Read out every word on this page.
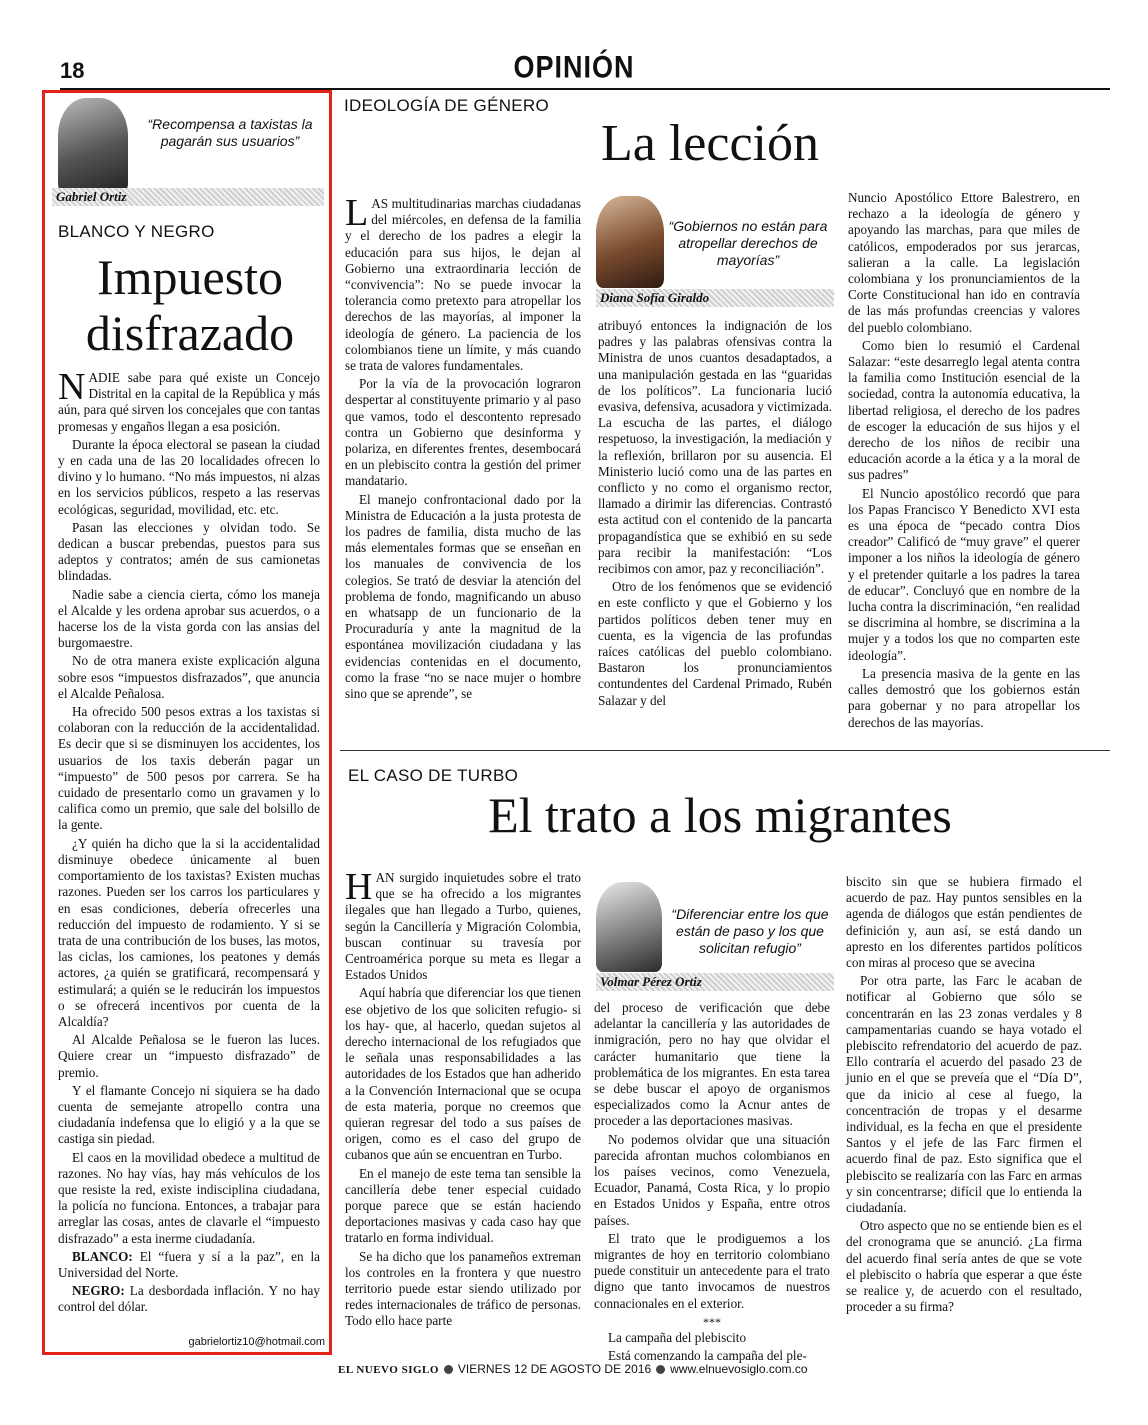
18	OPINIÓN
“Recompensa a taxistas la pagarán sus usuarios”
Gabriel Ortiz
BLANCO Y NEGRO
Impuesto
disfrazado

NADIE sabe para qué existe un Concejo Distrital en la capital de la República y más aún, para qué sirven los concejales que con tantas promesas y engaños llegan a esa posición.

Durante la época electoral se pasean la ciudad y en cada una de las 20 localidades ofrecen lo divino y lo humano. “No más impuestos, ni alzas en los servicios públicos, respeto a las reservas ecológicas, seguridad, movilidad, etc. etc.

Pasan las elecciones y olvidan todo. Se dedican a buscar prebendas, puestos para sus adeptos y contratos; amén de sus camionetas blindadas.

Nadie sabe a ciencia cierta, cómo los maneja el Alcalde y les ordena aprobar sus acuerdos, o a hacerse los de la vista gorda con las ansias del burgomaestre.

No de otra manera existe explicación alguna sobre esos “impuestos disfrazados”, que anuncia el Alcalde Peñalosa.

Ha ofrecido 500 pesos extras a los taxistas si colaboran con la reducción de la accidentalidad. Es decir que si se disminuyen los accidentes, los usuarios de los taxis deberán pagar un “impuesto” de 500 pesos por carrera. Se ha cuidado de presentarlo como un gravamen y lo califica como un premio, que sale del bolsillo de la gente.

¿Y quién ha dicho que la si la accidentalidad disminuye obedece únicamente al buen comportamiento de los taxistas? Existen muchas razones. Pueden ser los carros los particulares y en esas condiciones, debería ofrecerles una reducción del impuesto de rodamiento. Y si se trata de una contribución de los buses, las motos, las ciclas, los camiones, los peatones y demás actores, ¿a quién se gratificará, recompensará y estimulará; a quién se le reducirán los impuestos o se ofrecerá incentivos por cuenta de la Alcaldía?

Al Alcalde Peñalosa se le fueron las luces. Quiere crear un “impuesto disfrazado” de premio.

Y el flamante Concejo ni siquiera se ha dado cuenta de semejante atropello contra una ciudadanía indefensa que lo eligió y a la que se castiga sin piedad.

El caos en la movilidad obedece a multitud de razones. No hay vías, hay más vehículos de los que resiste la red, existe indisciplina ciudadana, la policía no funciona. Entonces, a trabajar para arreglar las cosas, antes de clavarle el “impuesto disfrazado” a esta inerme ciudadanía.

BLANCO: El “fuera y sí a la paz”, en la Universidad del Norte.

NEGRO: La desbordada inflación. Y no hay control del dólar.

gabrielortiz10@hotmail.com
IDEOLOGÍA DE GÉNERO
La lección

LAS multitudinarias marchas ciudadanas del miércoles, en defensa de la familia y el derecho de los padres a elegir la educación para sus hijos, le dejan al Gobierno una extraordinaria lección de “convivencia”: No se puede invocar la tolerancia como pretexto para atropellar los derechos de las mayorías, al imponer la ideología de género. La paciencia de los colombianos tiene un límite, y más cuando se trata de valores fundamentales.

Por la vía de la provocación lograron despertar al constituyente primario y al paso que vamos, todo el descontento represado contra un Gobierno que desinforma y polariza, en diferentes frentes, desembocará en un plebiscito contra la gestión del primer mandatario.

El manejo confrontacional dado por la Ministra de Educación a la justa protesta de los padres de familia, dista mucho de las más elementales formas que se enseñan en los manuales de convivencia de los colegios. Se trató de desviar la atención del problema de fondo, magnificando un abuso en whatsapp de un funcionario de la Procuraduría y ante la magnitud de la espontánea movilización ciudadana y las evidencias contenidas en el documento, como la frase “no se nace mujer o hombre sino que se aprende”, se

“Gobiernos no están para atropellar derechos de mayorías”
Diana Sofía Giraldo

atribuyó entonces la indignación de los padres y las palabras ofensivas contra la Ministra de unos cuantos desadaptados, a una manipulación gestada en las “guaridas de los políticos”. La funcionaria lució evasiva, defensiva, acusadora y victimizada. La escucha de las partes, el diálogo respetuoso, la investigación, la mediación y la reflexión, brillaron por su ausencia. El Ministerio lució como una de las partes en conflicto y no como el organismo rector, llamado a dirimir las diferencias. Contrastó esta actitud con el contenido de la pancarta propagandística que se exhibió en su sede para recibir la manifestación: “Los recibimos con amor, paz y reconciliación”.

Otro de los fenómenos que se evidenció en este conflicto y que el Gobierno y los partidos políticos deben tener muy en cuenta, es la vigencia de las profundas raíces católicas del pueblo colombiano. Bastaron los pronunciamientos contundentes del Cardenal Primado, Rubén Salazar y del

Nuncio Apostólico Ettore Balestrero, en rechazo a la ideología de género y apoyando las marchas, para que miles de católicos, empoderados por sus jerarcas, salieran a la calle. La legislación colombiana y los pronunciamientos de la Corte Constitucional han ido en contravía de las más profundas creencias y valores del pueblo colombiano.

Como bien lo resumió el Cardenal Salazar: “este desarreglo legal atenta contra la familia como Institución esencial de la sociedad, contra la autonomía educativa, la libertad religiosa, el derecho de los padres de escoger la educación de sus hijos y el derecho de los niños de recibir una educación acorde a la ética y a la moral de sus padres”

El Nuncio apostólico recordó que para los Papas Francisco Y Benedicto XVI esta es una época de “pecado contra Dios creador” Calificó de “muy grave” el querer imponer a los niños la ideología de género y el pretender quitarle a los padres la tarea de educar”. Concluyó que en nombre de la lucha contra la discriminación, “en realidad se discrimina al hombre, se discrimina a la mujer y a todos los que no comparten este ideología”.

La presencia masiva de la gente en las calles demostró que los gobiernos están para gobernar y no para atropellar los derechos de las mayorías.

EL CASO DE TURBO
El trato a los migrantes

HAN surgido inquietudes sobre el trato que se ha ofrecido a los migrantes ilegales que han llegado a Turbo, quienes, según la Cancillería y Migración Colombia, buscan continuar su travesía por Centroamérica porque su meta es llegar a Estados Unidos

Aquí habría que diferenciar los que tienen ese objetivo de los que soliciten refugio- si los hay- que, al hacerlo, quedan sujetos al derecho internacional de los refugiados que le señala unas responsabilidades a las autoridades de los Estados que han adherido a la Convención Internacional que se ocupa de esta materia, porque no creemos que quieran regresar del todo a sus países de origen, como es el caso del grupo de cubanos que aún se encuentran en Turbo.

En el manejo de este tema tan sensible la cancillería debe tener especial cuidado porque parece que se están haciendo deportaciones masivas y cada caso hay que tratarlo en forma individual.

Se ha dicho que los panameños extreman los controles en la frontera y que nuestro territorio puede estar siendo utilizado por redes internacionales de tráfico de personas. Todo ello hace parte

“Diferenciar entre los que están de paso y los que solicitan refugio”
Volmar Pérez Ortiz

del proceso de verificación que debe adelantar la cancillería y las autoridades de inmigración, pero no hay que olvidar el carácter humanitario que tiene la problemática de los migrantes. En esta tarea se debe buscar el apoyo de organismos especializados como la Acnur antes de proceder a las deportaciones masivas.

No podemos olvidar que una situación parecida afrontan muchos colombianos en los países vecinos, como Venezuela, Ecuador, Panamá, Costa Rica, y lo propio en Estados Unidos y España, entre otros países.

El trato que le prodiguemos a los migrantes de hoy en territorio colombiano puede constituir un antecedente para el trato digno que tanto invocamos de nuestros connacionales en el exterior.

***

La campaña del plebiscito

Está comenzando la campaña del ple-

biscito sin que se hubiera firmado el acuerdo de paz. Hay puntos sensibles en la agenda de diálogos que están pendientes de definición y, aun así, se está dando un apresto en los diferentes partidos políticos con miras al proceso que se avecina

Por otra parte, las Farc le acaban de notificar al Gobierno que sólo se concentrarán en las 23 zonas verdales y 8 campamentarias cuando se haya votado el plebiscito refrendatorio del acuerdo de paz. Ello contraría el acuerdo del pasado 23 de junio en el que se preveía que el “Día D”, que da inicio al cese al fuego, la concentración de tropas y el desarme individual, es la fecha en que el presidente Santos y el jefe de las Farc firmen el acuerdo final de paz. Esto significa que el plebiscito se realizaría con las Farc en armas y sin concentrarse; difícil que lo entienda la ciudadanía.

Otro aspecto que no se entiende bien es el del cronograma que se anunció. ¿La firma del acuerdo final sería antes de que se vote el plebiscito o habría que esperar a que éste se realice y, de acuerdo con el resultado, proceder a su firma?

EL NUEVO SIGLO VIERNES 12 DE AGOSTO DE 2016 www.elnuevosiglo.com.co
